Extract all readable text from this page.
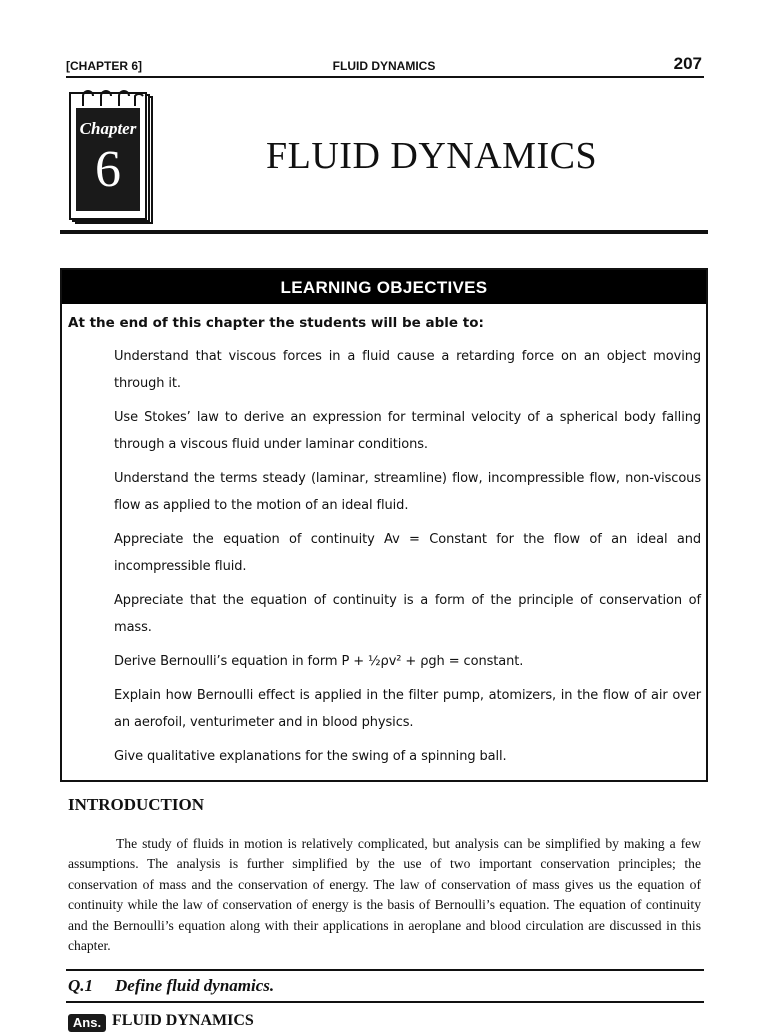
[CHAPTER 6]	FLUID DYNAMICS	207
Chapter
6	FLUID DYNAMICS
LEARNING OBJECTIVES
At the end of this chapter the students will be able to:
Understand that viscous forces in a fluid cause a retarding force on an object moving through it.
Use Stokes’ law to derive an expression for terminal velocity of a spherical body falling through a viscous fluid under laminar conditions.
Understand the terms steady (laminar, streamline) flow, incompressible flow, non-viscous flow as applied to the motion of an ideal fluid.
Appreciate the equation of continuity Av = Constant for the flow of an ideal and incompressible fluid.
Appreciate that the equation of continuity is a form of the principle of conservation of mass.
Derive Bernoulli’s equation in form P + ½ρv² + ρgh = constant.
Explain how Bernoulli effect is applied in the filter pump, atomizers, in the flow of air over an aerofoil, venturimeter and in blood physics.
Give qualitative explanations for the swing of a spinning ball.
INTRODUCTION
The study of fluids in motion is relatively complicated, but analysis can be simplified by making a few assumptions. The analysis is further simplified by the use of two important conservation principles; the conservation of mass and the conservation of energy. The law of conservation of mass gives us the equation of continuity while the law of conservation of energy is the basis of Bernoulli’s equation. The equation of continuity and the Bernoulli’s equation along with their applications in aeroplane and blood circulation are discussed in this chapter.
Q.1 Define fluid dynamics.
Ans. FLUID DYNAMICS
